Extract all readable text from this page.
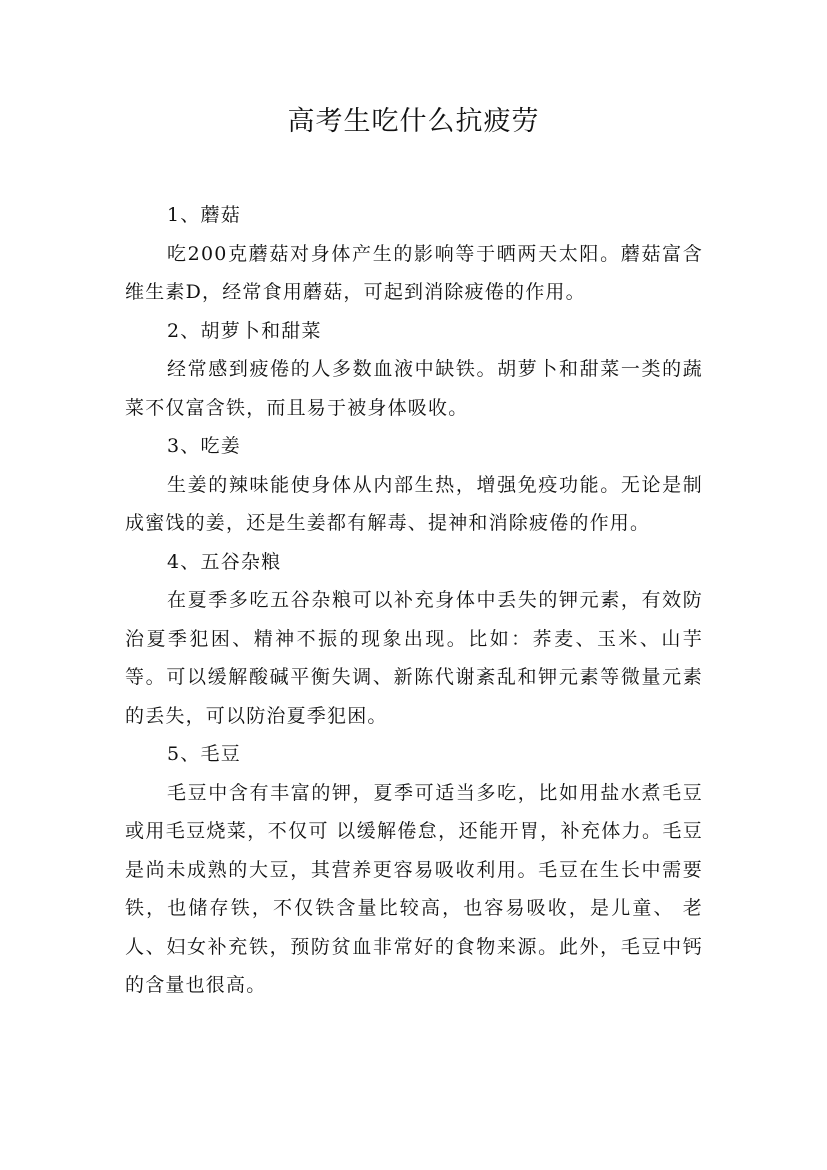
高考生吃什么抗疲劳

1、蘑菇

吃200克蘑菇对身体产生的影响等于晒两天太阳。蘑菇富含维生素D，经常食用蘑菇，可起到消除疲倦的作用。

2、胡萝卜和甜菜

经常感到疲倦的人多数血液中缺铁。胡萝卜和甜菜一类的蔬菜不仅富含铁，而且易于被身体吸收。

3、吃姜

生姜的辣味能使身体从内部生热，增强免疫功能。无论是制成蜜饯的姜，还是生姜都有解毒、提神和消除疲倦的作用。

4、五谷杂粮

在夏季多吃五谷杂粮可以补充身体中丢失的钾元素，有效防治夏季犯困、精神不振的现象出现。比如：荞麦、玉米、山芋等。可以缓解酸碱平衡失调、新陈代谢紊乱和钾元素等微量元素的丢失，可以防治夏季犯困。

5、毛豆

毛豆中含有丰富的钾，夏季可适当多吃，比如用盐水煮毛豆或用毛豆烧菜，不仅可 以缓解倦怠，还能开胃，补充体力。毛豆是尚未成熟的大豆，其营养更容易吸收利用。毛豆在生长中需要铁，也储存铁，不仅铁含量比较高，也容易吸收，是儿童、 老人、妇女补充铁，预防贫血非常好的食物来源。此外，毛豆中钙的含量也很高。
